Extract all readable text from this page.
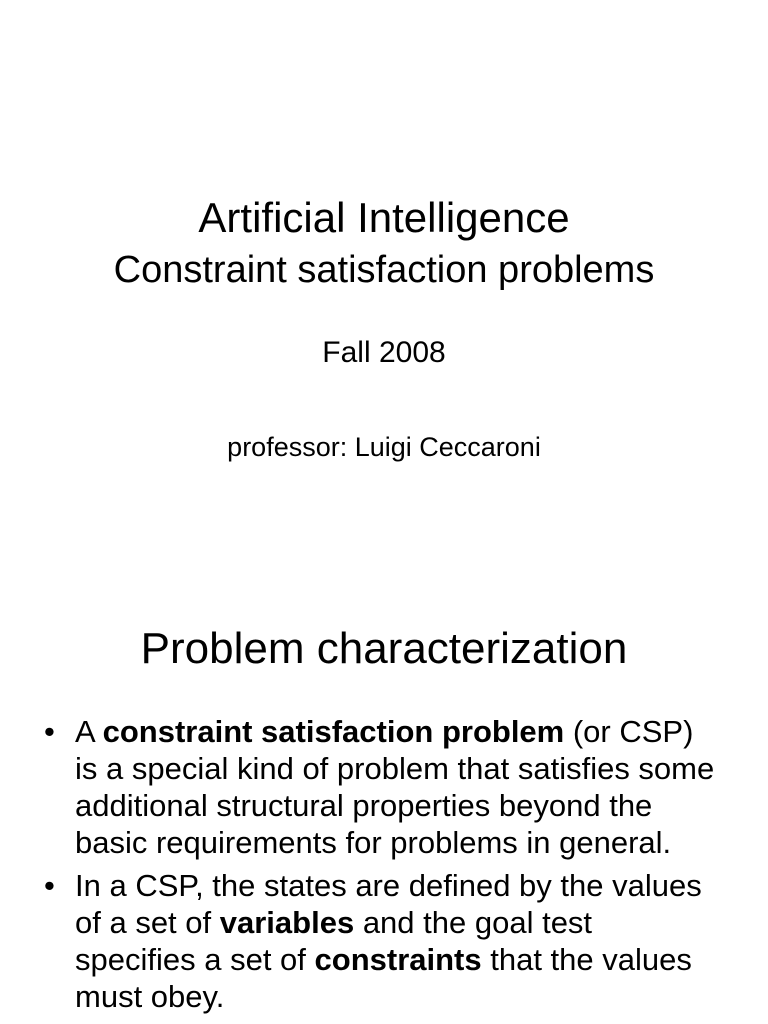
Artificial Intelligence
Constraint satisfaction problems
Fall 2008
professor: Luigi Ceccaroni
Problem characterization
• A constraint satisfaction problem (or CSP) is a special kind of problem that satisfies some additional structural properties beyond the basic requirements for problems in general.
• In a CSP, the states are defined by the values of a set of variables and the goal test specifies a set of constraints that the values must obey.
